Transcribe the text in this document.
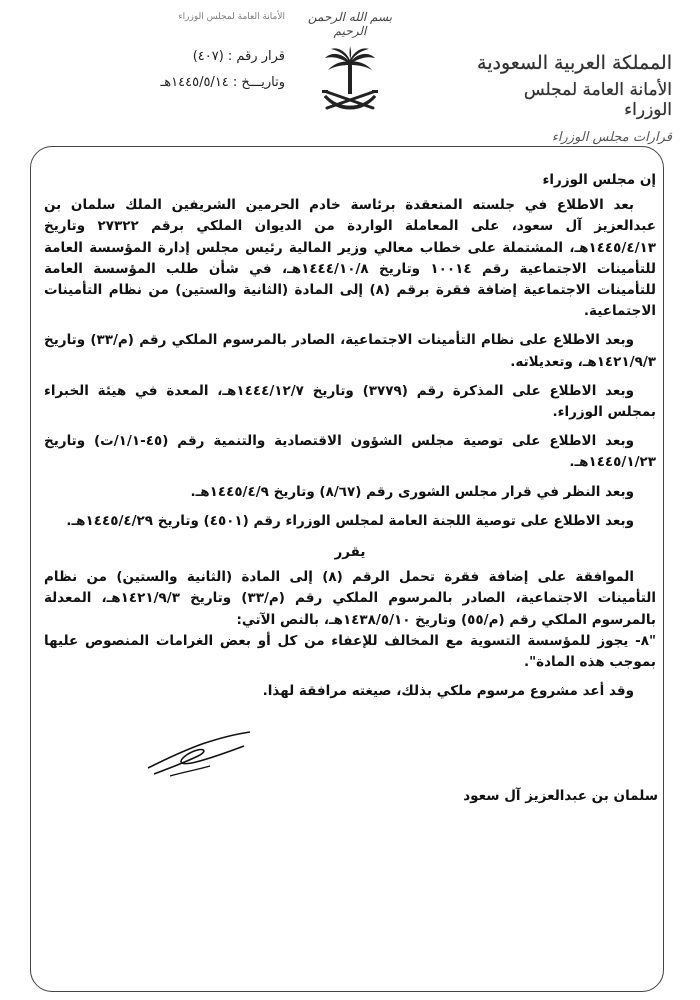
الأمانة العامة لمجلس الوزراء
قرار رقم : (٤٠٧)
وتاريـــخ : ١٤٤٥/٥/١٤هـ
بسم الله الرحمن الرحيم
المملكة العربية السعودية
الأمانة العامة لمجلس الوزراء
قرارات مجلس الوزراء

إن مجلس الوزراء

بعد الاطلاع في جلسته المنعقدة برئاسة خادم الحرمين الشريفين الملك سلمان بن عبدالعزيز آل سعود، على المعاملة الواردة من الديوان الملكي برقم ٢٧٣٢٢ وتاريخ ١٤٤٥/٤/١٣هـ، المشتملة على خطاب معالي وزير المالية رئيس مجلس إدارة المؤسسة العامة للتأمينات الاجتماعية رقم ١٠٠١٤ وتاريخ ١٤٤٤/١٠/٨هـ، في شأن طلب المؤسسة العامة للتأمينات الاجتماعية إضافة فقرة برقم (٨) إلى المادة (الثانية والستين) من نظام التأمينات الاجتماعية.

وبعد الاطلاع على نظام التأمينات الاجتماعية، الصادر بالمرسوم الملكي رقم (م/٣٣) وتاريخ ١٤٢١/٩/٣هـ، وتعديلاته.

وبعد الاطلاع على المذكرة رقم (٣٧٧٩) وتاريخ ١٤٤٤/١٢/٧هـ، المعدة في هيئة الخبراء بمجلس الوزراء.

وبعد الاطلاع على توصية مجلس الشؤون الاقتصادية والتنمية رقم (٤٥-١/١/ت) وتاريخ ١٤٤٥/١/٢٣هـ.

وبعد النظر في قرار مجلس الشورى رقم (٨/٦٧) وتاريخ ١٤٤٥/٤/٩هـ.

وبعد الاطلاع على توصية اللجنة العامة لمجلس الوزراء رقم (٤٥٠١) وتاريخ ١٤٤٥/٤/٢٩هـ.

يقرر

الموافقة على إضافة فقرة تحمل الرقم (٨) إلى المادة (الثانية والستين) من نظام التأمينات الاجتماعية، الصادر بالمرسوم الملكي رقم (م/٣٣) وتاريخ ١٤٢١/٩/٣هـ، المعدلة بالمرسوم الملكي رقم (م/٥٥) وتاريخ ١٤٣٨/٥/١٠هـ، بالنص الآتي:

"٨- يجوز للمؤسسة التسوية مع المخالف للإعفاء من كل أو بعض الغرامات المنصوص عليها بموجب هذه المادة".

وقد أعد مشروع مرسوم ملكي بذلك، صيغته مرافقة لهذا.

سلمان بن عبدالعزيز آل سعود
